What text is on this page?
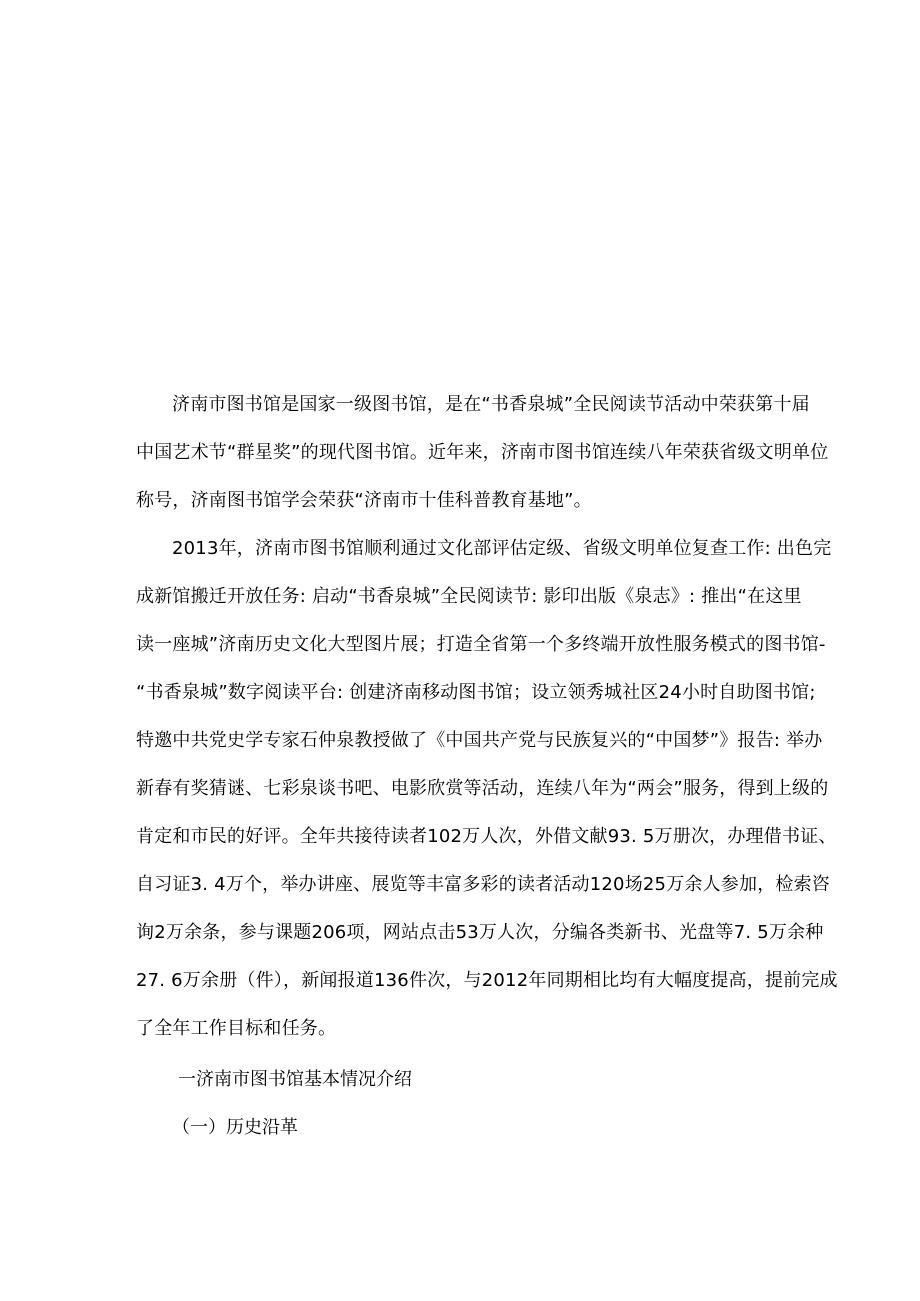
济南市图书馆是国家一级图书馆，是在“书香泉城”全民阅读节活动中荣获第十届
中国艺术节“群星奖”的现代图书馆。近年来，济南市图书馆连续八年荣获省级文明单位
称号，济南图书馆学会荣获“济南市十佳科普教育基地”。
2013年，济南市图书馆顺利通过文化部评估定级、省级文明单位复查工作: 出色完
成新馆搬迁开放任务: 启动“书香泉城”全民阅读节: 影印出版《泉志》: 推出“在这里
读一座城”济南历史文化大型图片展；打造全省第一个多终端开放性服务模式的图书馆-
“书香泉城”数字阅读平台: 创建济南移动图书馆；设立领秀城社区24小时自助图书馆;
特邀中共党史学专家石仲泉教授做了《中国共产党与民族复兴的“中国梦”》报告: 举办
新春有奖猜谜、七彩泉谈书吧、电影欣赏等活动，连续八年为“两会”服务，得到上级的
肯定和市民的好评。全年共接待读者102万人次，外借文献93. 5万册次，办理借书证、
自习证3. 4万个，举办讲座、展览等丰富多彩的读者活动120场25万余人参加，检索咨
询2万余条，参与课题206项，网站点击53万人次，分编各类新书、光盘等7. 5万余种
27. 6万余册（件），新闻报道136件次，与2012年同期相比均有大幅度提高，提前完成
了全年工作目标和任务。
一济南市图书馆基本情况介绍
（一）历史沿革
